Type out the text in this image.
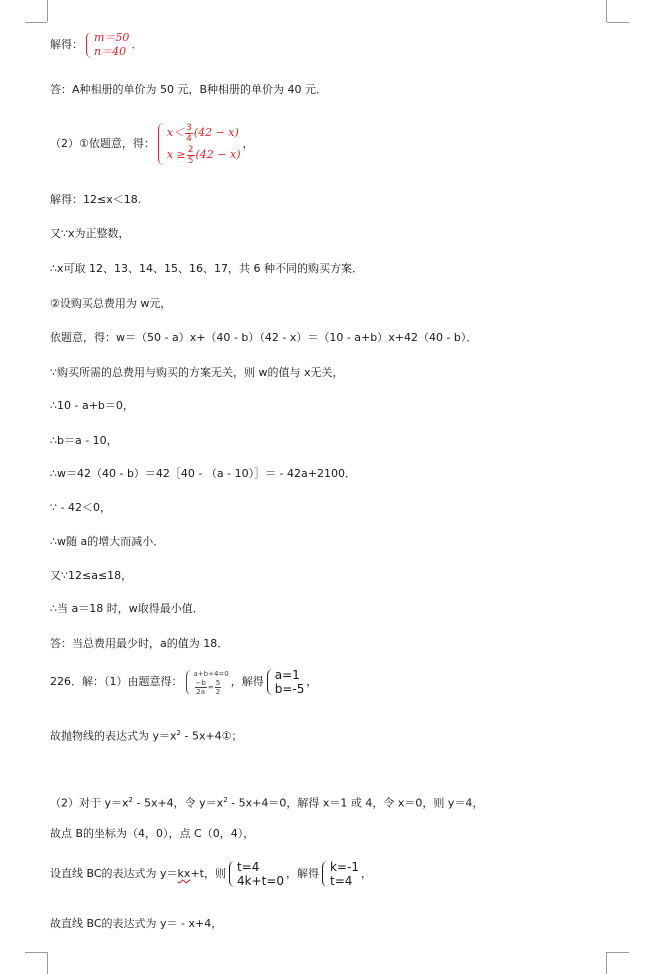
解得：
m＝50
n＝40
．
答：A种相册的单价为 50 元，B种相册的单价为 40 元．
（2）①依题意，得：
$x< \frac{3}{4} (42 - x)$
$x \ge \frac{2}{5} (42 - x)$
，
解得：12≤x＜18.
又∵x为正整数，
∴x可取 12、13、14、15、16、17，共 6 种不同的购买方案．
②设购买总费用为 w元，
依题意，得：w＝（50 - a）x+（40 - b）（42 - x）＝（10 - a+b）x+42（40 - b）．
∵购买所需的总费用与购买的方案无关，则 w的值与 x无关，
∴10 - a+b＝0，
∴b＝a - 10，
∴w＝42（40 - b）＝42［40 - （a - 10）］＝ - 42a+2100．
∵ - 42＜0，
∴w随 a的增大而减小．
又∵12≤a≤18，
∴当 a＝18 时，w取得最小值．
答：当总费用最少时，a的值为 18．
226．解：（1）由题意得：
a+b+4=0
$\frac{-b}{2a} = \frac{5}{2}$ ，解得 a=1
b=-5
，
故抛物线的表达式为 $y=x^2$ - 5x+4①；
（2）对于 $y=x^2 - 5x+4$，令 $y=x^2 - 5x+4=0$，解得 x＝1 或 4，令 x＝0，则 y＝4，
故点 B的坐标为（4，0），点 C（0，4），
设直线 BC的表达式为 y＝kx+t，则 t=4
4k+t=0
，解得 k=-1
t=4
，
故直线 BC的表达式为 y＝ - x+4，
